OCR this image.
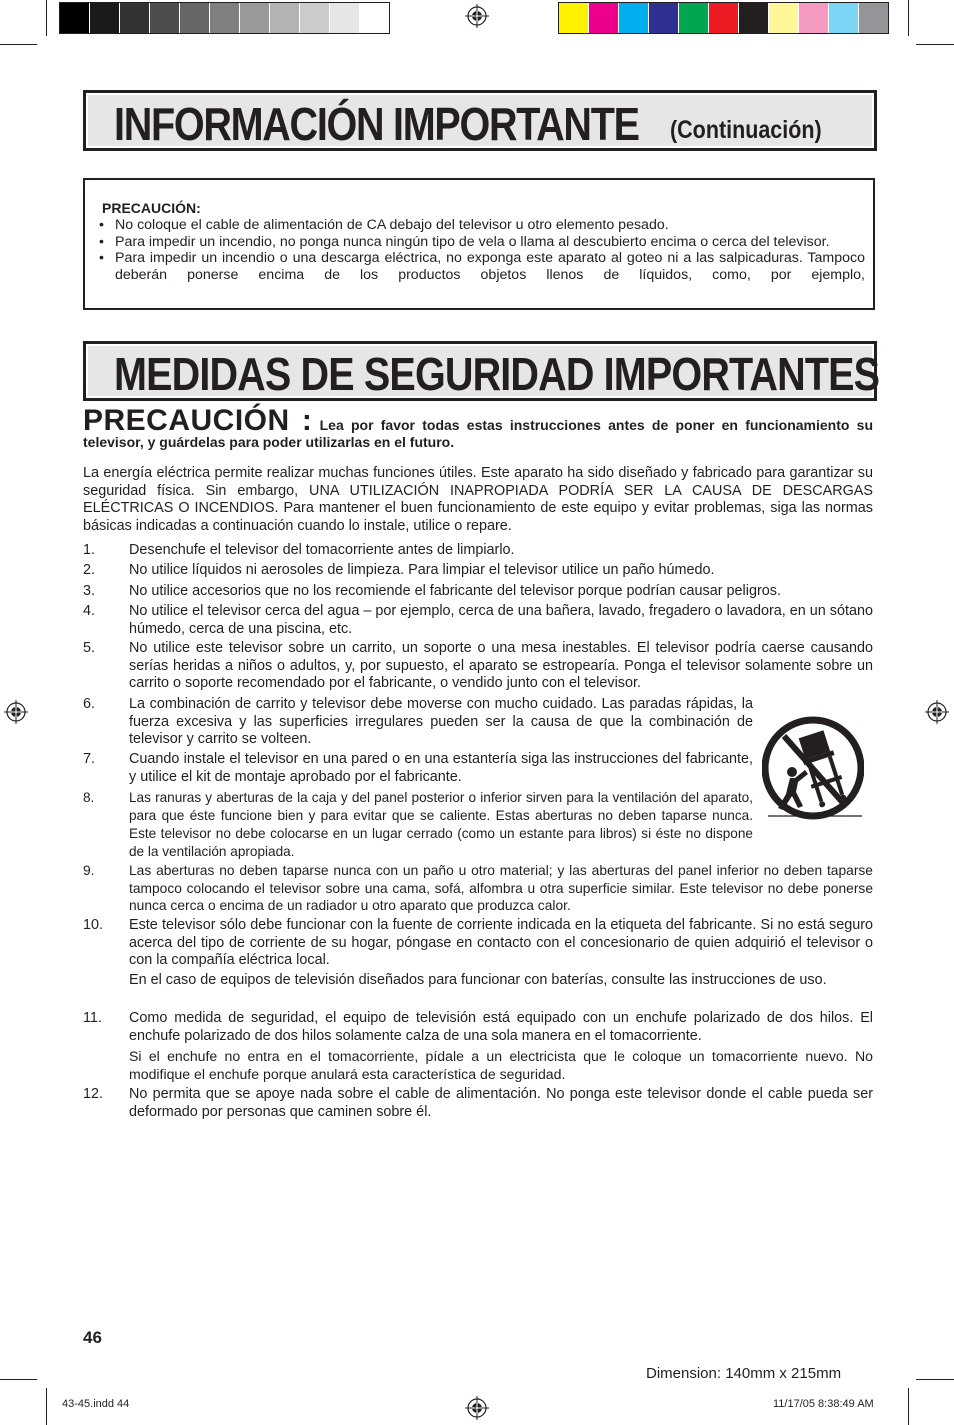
INFORMACIÓN IMPORTANTE (Continuación)
PRECAUCIÓN:
• No coloque el cable de alimentación de CA debajo del televisor u otro elemento pesado.
• Para impedir un incendio, no ponga nunca ningún tipo de vela o llama al descubierto encima o cerca del televisor.
• Para impedir un incendio o una descarga eléctrica, no exponga este aparato al goteo ni a las salpicaduras. Tampoco deberán ponerse encima de los productos objetos llenos de líquidos, como, por ejemplo,
MEDIDAS DE SEGURIDAD IMPORTANTES
PRECAUCIÓN : Lea por favor todas estas instrucciones antes de poner en funcionamiento su televisor, y guárdelas para poder utilizarlas en el futuro.
La energía eléctrica permite realizar muchas funciones útiles. Este aparato ha sido diseñado y fabricado para garantizar su seguridad física. Sin embargo, UNA UTILIZACIÓN INAPROPIADA PODRÍA SER LA CAUSA DE DESCARGAS ELÉCTRICAS O INCENDIOS. Para mantener el buen funcionamiento de este equipo y evitar problemas, siga las normas básicas indicadas a continuación cuando lo instale, utilice o repare.
1. Desenchufe el televisor del tomacorriente antes de limpiarlo.
2. No utilice líquidos ni aerosoles de limpieza. Para limpiar el televisor utilice un paño húmedo.
3. No utilice accesorios que no los recomiende el fabricante del televisor porque podrían causar peligros.
4. No utilice el televisor cerca del agua – por ejemplo, cerca de una bañera, lavado, fregadero o lavadora, en un sótano húmedo, cerca de una piscina, etc.
5. No utilice este televisor sobre un carrito, un soporte o una mesa inestables. El televisor podría caerse causando serías heridas a niños o adultos, y, por supuesto, el aparato se estropearía. Ponga el televisor solamente sobre un carrito o soporte recomendado por el fabricante, o vendido junto con el televisor.
6. La combinación de carrito y televisor debe moverse con mucho cuidado. Las paradas rápidas, la fuerza excesiva y las superficies irregulares pueden ser la causa de que la combinación de televisor y carrito se volteen.
7. Cuando instale el televisor en una pared o en una estantería siga las instrucciones del fabricante, y utilice el kit de montaje aprobado por el fabricante.
8.	Las ranuras y aberturas de la caja y del panel posterior o inferior sirven para la ventilación del aparato, para que éste funcione bien y para evitar que se caliente. Estas aberturas no deben taparse nunca. Este televisor no debe colocarse en un lugar cerrado (como un estante para libros) si éste no dispone de la ventilación apropiada.
9. Las aberturas no deben taparse nunca con un paño u otro material; y las aberturas del panel inferior no deben taparse tampoco colocando el televisor sobre una cama, sofá, alfombra u otra superficie similar. Este televisor no debe ponerse nunca cerca o encima de un radiador u otro aparato que produzca calor.
10. Este televisor sólo debe funcionar con la fuente de corriente indicada en la etiqueta del fabricante. Si no está seguro acerca del tipo de corriente de su hogar, póngase en contacto con el concesionario de quien adquirió el televisor o con la compañía eléctrica local.
En el caso de equipos de televisión diseñados para funcionar con baterías, consulte las instrucciones de uso.
11. Como medida de seguridad, el equipo de televisión está equipado con un enchufe polarizado de dos hilos. El enchufe polarizado de dos hilos solamente calza de una sola manera en el tomacorriente.
Si el enchufe no entra en el tomacorriente, pídale a un electricista que le coloque un tomacorriente nuevo. No modifique el enchufe porque anulará esta característica de seguridad.
12. No permita que se apoye nada sobre el cable de alimentación. No ponga este televisor donde el cable pueda ser deformado por personas que caminen sobre él.
46
Dimension: 140mm x 215mm
43-45.indd 44	11/17/05 8:38:49 AM
